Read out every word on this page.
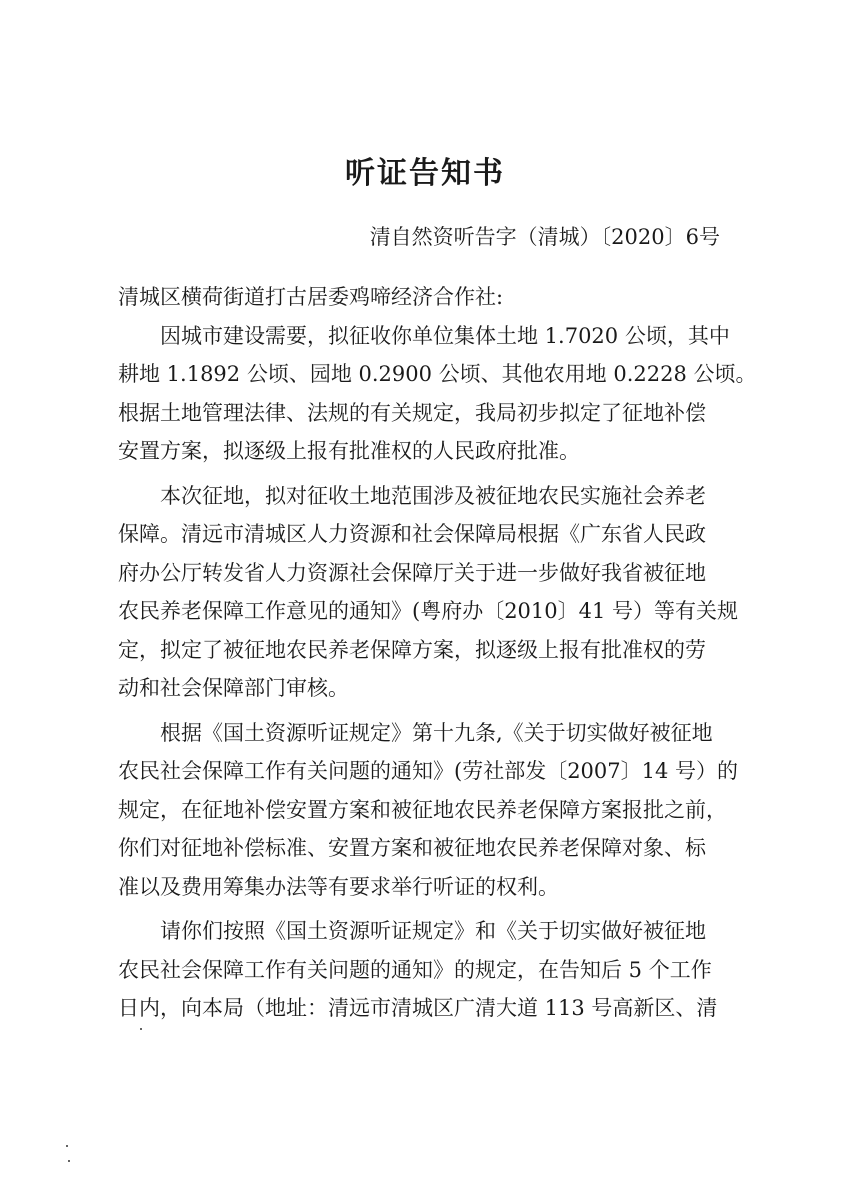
听证告知书
清自然资听告字（清城）〔2020〕6号

清城区横荷街道打古居委鸡啼经济合作社:

因城市建设需要，拟征收你单位集体土地 1.7020 公顷，其中
耕地 1.1892 公顷、园地 0.2900 公顷、其他农用地 0.2228 公顷。
根据土地管理法律、法规的有关规定，我局初步拟定了征地补偿
安置方案，拟逐级上报有批准权的人民政府批准。
本次征地，拟对征收土地范围涉及被征地农民实施社会养老
保障。清远市清城区人力资源和社会保障局根据《广东省人民政
府办公厅转发省人力资源社会保障厅关于进一步做好我省被征地
农民养老保障工作意见的通知》(粤府办〔2010〕41 号）等有关规
定，拟定了被征地农民养老保障方案，拟逐级上报有批准权的劳
动和社会保障部门审核。
根据《国土资源听证规定》第十九条,《关于切实做好被征地
农民社会保障工作有关问题的通知》(劳社部发〔2007〕14 号）的
规定，在征地补偿安置方案和被征地农民养老保障方案报批之前，
你们对征地补偿标准、安置方案和被征地农民养老保障对象、标
准以及费用筹集办法等有要求举行听证的权利。
请你们按照《国土资源听证规定》和《关于切实做好被征地
农民社会保障工作有关问题的通知》的规定，在告知后 5 个工作
日内，向本局（地址：清远市清城区广清大道 113 号高新区、清
